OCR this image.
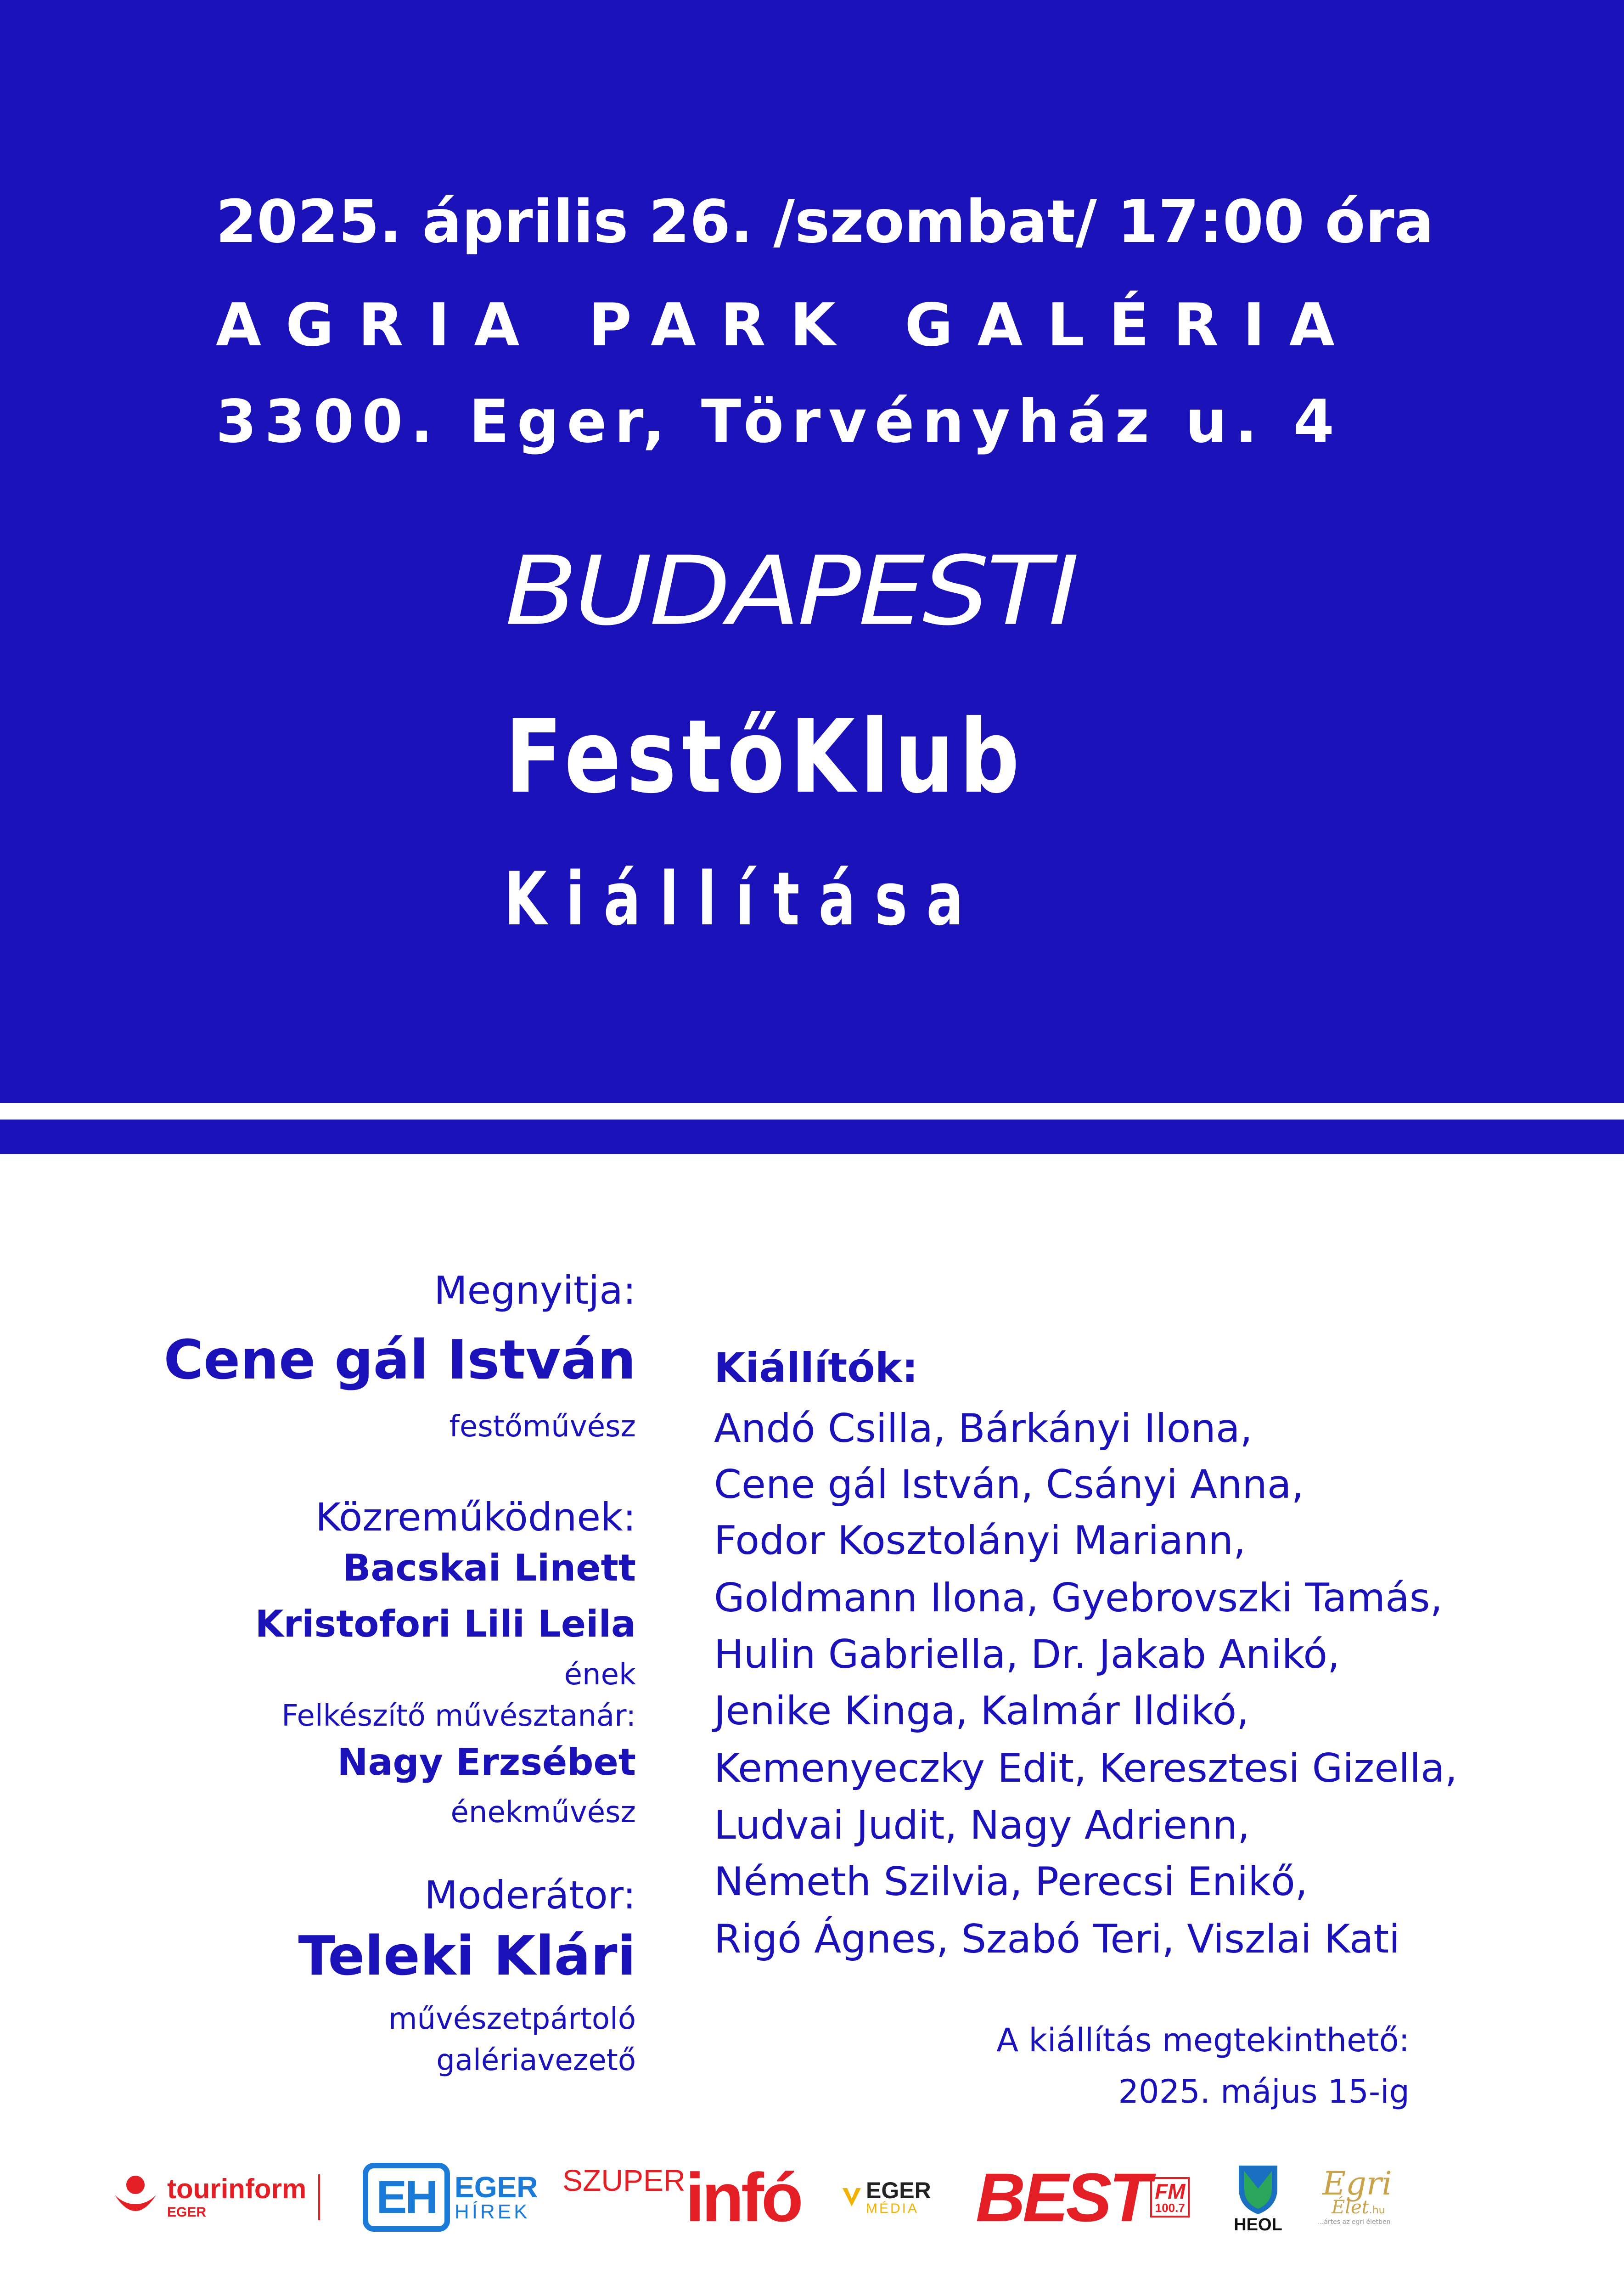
2025. április 26. /szombat/ 17:00 óra
AGRIA PARK GALÉRIA
3300. Eger, Törvényház u. 4
BUDAPESTI
FestőKlub
Kiállítása
Megnyitja:
Cene gál István
festőművész
Közreműködnek:
Bacskai Linett
Kristofori Lili Leila
ének
Felkészítő művésztanár:
Nagy Erzsébet
énekművész
Moderátor:
Teleki Klári
művészetpártoló
galériavezető
Kiállítók:
Andó Csilla, Bárkányi Ilona,
Cene gál István, Csányi Anna,
Fodor Kosztolányi Mariann,
Goldmann Ilona, Gyebrovszki Tamás,
Hulin Gabriella, Dr. Jakab Anikó,
Jenike Kinga, Kalmár Ildikó,
Kemenyeczky Edit, Keresztesi Gizella,
Ludvai Judit, Nagy Adrienn,
Németh Szilvia, Perecsi Enikő,
Rigó Ágnes, Szabó Teri, Viszlai Kati
A kiállítás megtekinthető:
2025. május 15-ig
tourinform
EGER	EH EGER
HÍREK
SZUPER infó	EGER
MÉDIA BEST FM
100.7
HEOL
Egri
Élet.hu
...ártes az egri életben
